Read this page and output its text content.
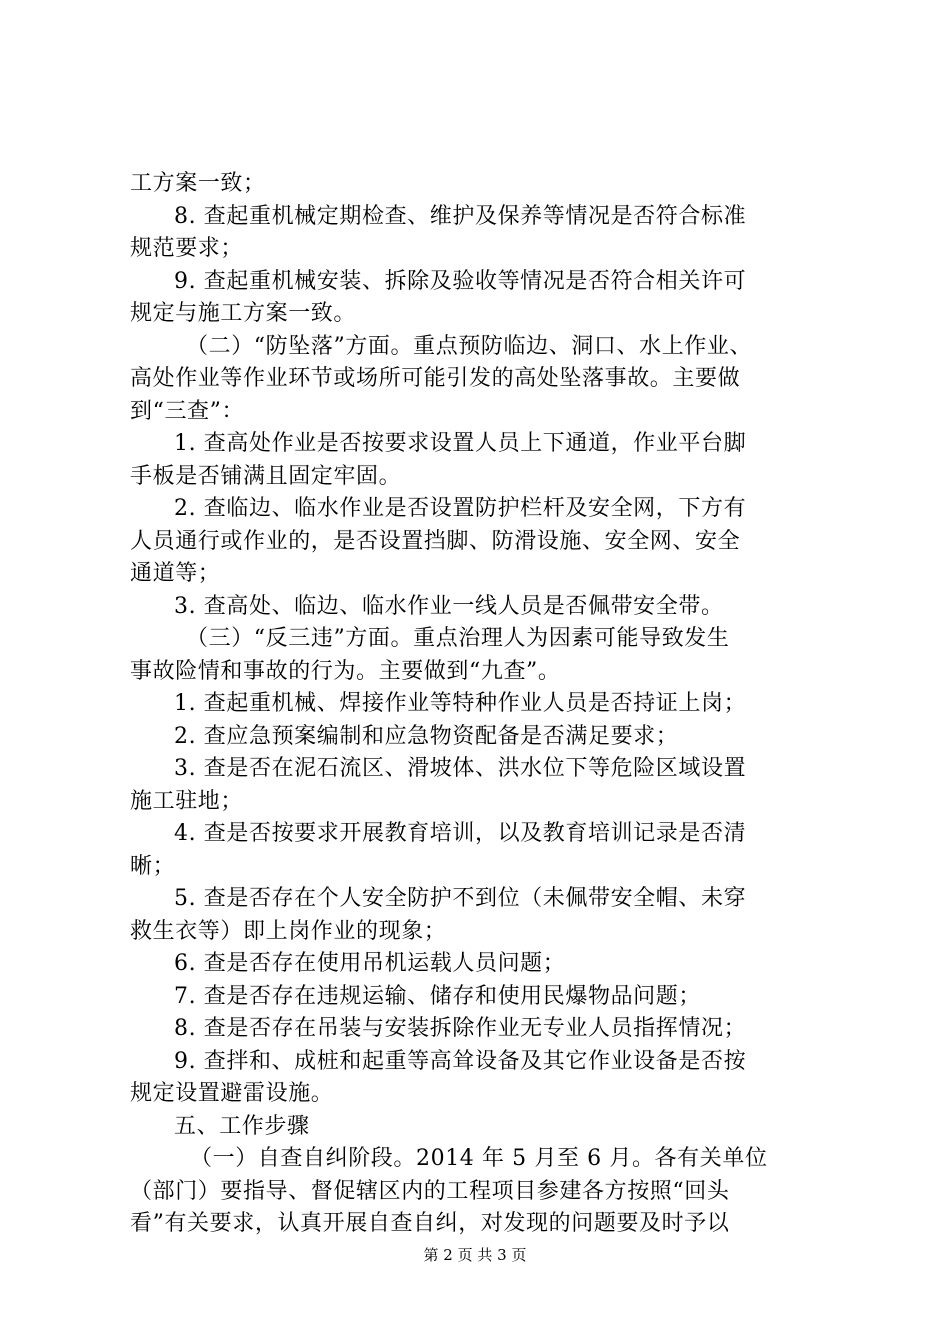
工方案一致；
8. 查起重机械定期检查、维护及保养等情况是否符合标准
规范要求；
9. 查起重机械安装、拆除及验收等情况是否符合相关许可
规定与施工方案一致。
（二）“防坠落”方面。重点预防临边、洞口、水上作业、
高处作业等作业环节或场所可能引发的高处坠落事故。主要做
到“三查”：
1. 查高处作业是否按要求设置人员上下通道，作业平台脚
手板是否铺满且固定牢固。
2. 查临边、临水作业是否设置防护栏杆及安全网，下方有
人员通行或作业的，是否设置挡脚、防滑设施、安全网、安全
通道等；
3. 查高处、临边、临水作业一线人员是否佩带安全带。
（三）“反三违”方面。重点治理人为因素可能导致发生
事故险情和事故的行为。主要做到“九查”。
1. 查起重机械、焊接作业等特种作业人员是否持证上岗；
2. 查应急预案编制和应急物资配备是否满足要求；
3. 查是否在泥石流区、滑坡体、洪水位下等危险区域设置
施工驻地；
4. 查是否按要求开展教育培训，以及教育培训记录是否清
晰；
5. 查是否存在个人安全防护不到位（未佩带安全帽、未穿
救生衣等）即上岗作业的现象；
6. 查是否存在使用吊机运载人员问题；
7. 查是否存在违规运输、储存和使用民爆物品问题；
8. 查是否存在吊装与安装拆除作业无专业人员指挥情况；
9. 查拌和、成桩和起重等高耸设备及其它作业设备是否按
规定设置避雷设施。
五、工作步骤
（一）自查自纠阶段。2014 年 5 月至 6 月。各有关单位
（部门）要指导、督促辖区内的工程项目参建各方按照“回头
看”有关要求，认真开展自查自纠，对发现的问题要及时予以
第 2 页 共 3 页
